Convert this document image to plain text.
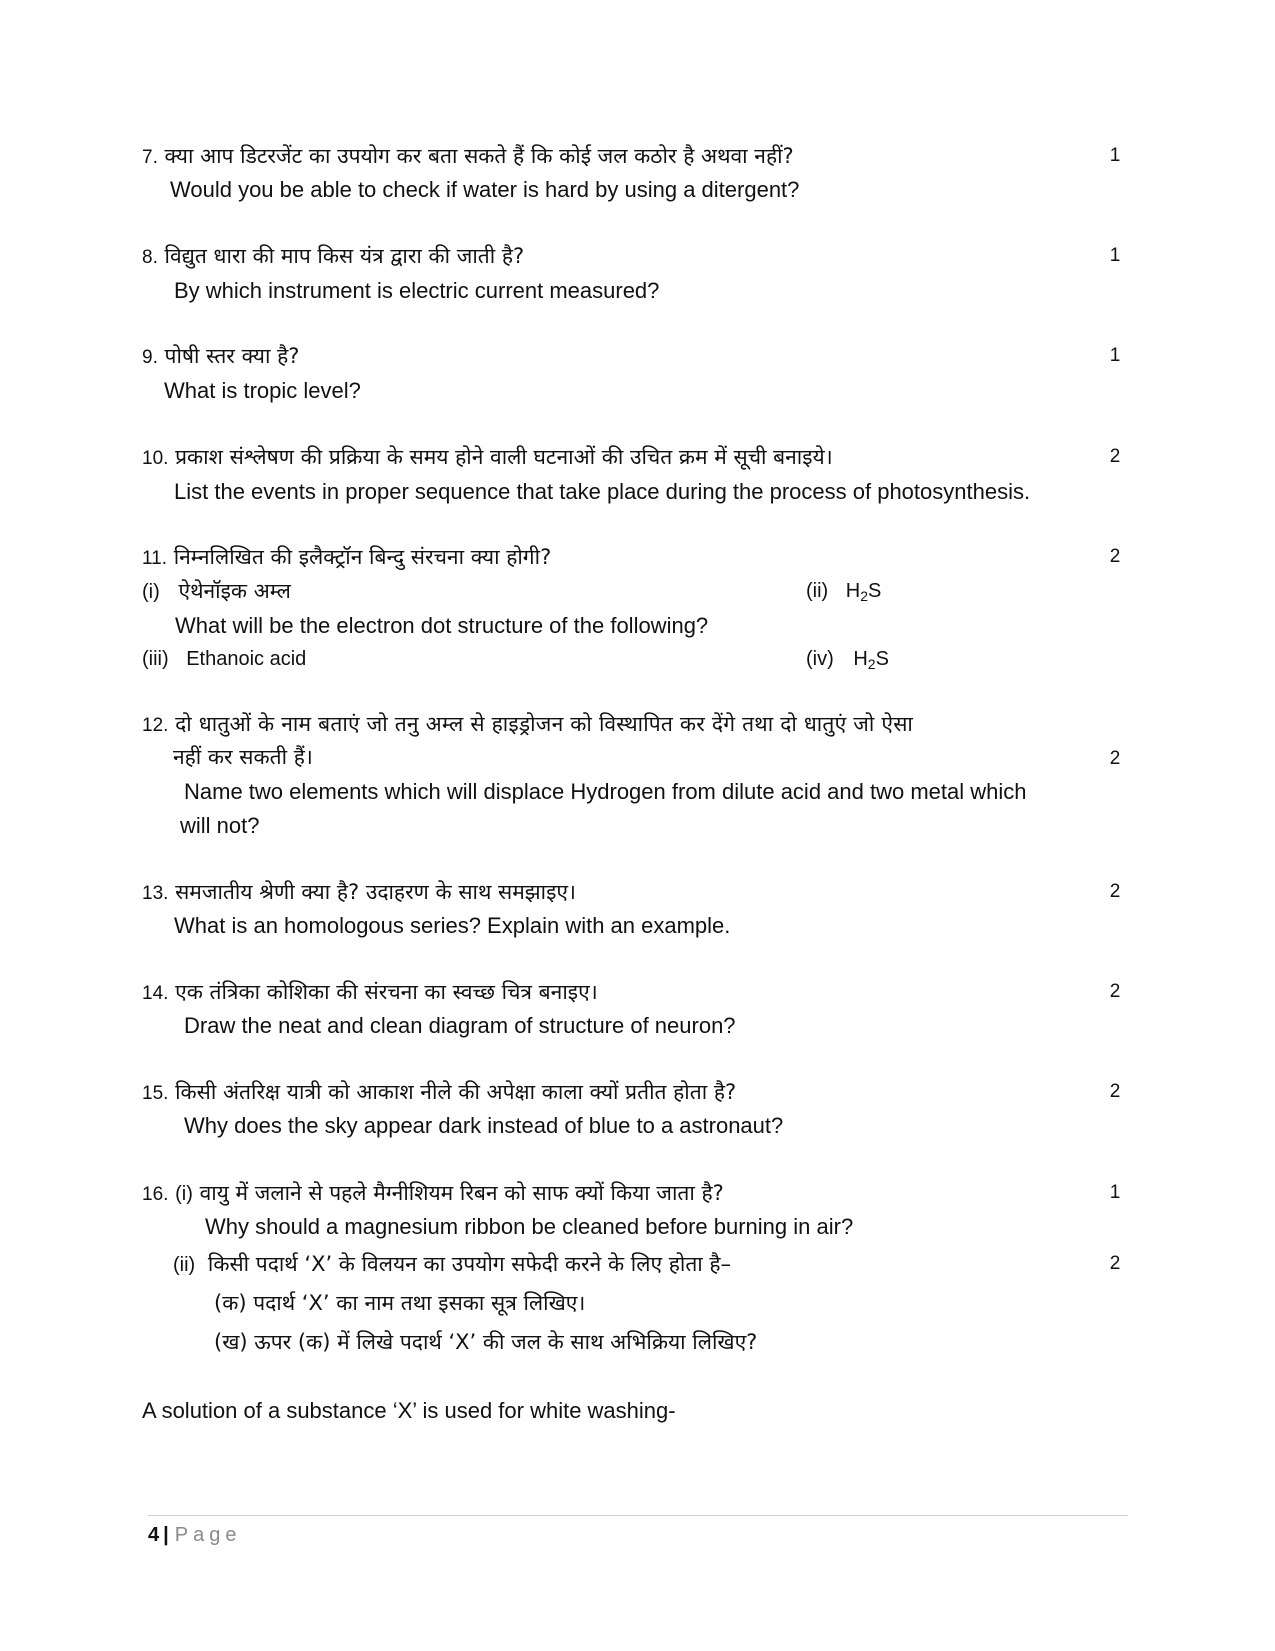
7. क्या आप डिटरजेंट का उपयोग कर बता सकते हैं कि कोई जल कठोर है अथवा नहीं?	1
Would you be able to check if water is hard by using a ditergent?
8. विद्युत धारा की माप किस यंत्र द्वारा की जाती है?	1
By which instrument is electric current measured?
9. पोषी स्तर क्या है?	1
What is tropic level?
10. प्रकाश संश्लेषण की प्रक्रिया के समय होने वाली घटनाओं की उचित क्रम में सूची बनाइये।	2
List the events in proper sequence that take place during the process of photosynthesis.
11. निम्नलिखित की इलैक्ट्रॉन बिन्दु संरचना क्या होगी?	2
(i) ऐथेनॉइक अम्ल	(ii) $H_2S$
What will be the electron dot structure of the following?
(iii) Ethanoic acid	(iv) $H_2S$
12. दो धातुओं के नाम बताएं जो तनु अम्ल से हाइड्रोजन को विस्थापित कर देंगे तथा दो धातुएं जो ऐसा
नहीं कर सकती हैं।	2
Name two elements which will displace Hydrogen from dilute acid and two metal which
will not?
13. समजातीय श्रेणी क्या है? उदाहरण के साथ समझाइए।	2
What is an homologous series? Explain with an example.
14. एक तंत्रिका कोशिका की संरचना का स्वच्छ चित्र बनाइए।	2
Draw the neat and clean diagram of structure of neuron?
15. किसी अंतरिक्ष यात्री को आकाश नीले की अपेक्षा काला क्यों प्रतीत होता है?	2
Why does the sky appear dark instead of blue to a astronaut?
16. (i) वायु में जलाने से पहले मैग्नीशियम रिबन को साफ क्यों किया जाता है?	1
Why should a magnesium ribbon be cleaned before burning in air?
(ii) किसी पदार्थ ‘X’ के विलयन का उपयोग सफेदी करने के लिए होता है–	2
(क) पदार्थ ‘X’ का नाम तथा इसका सूत्र लिखिए।
(ख) ऊपर (क) में लिखे पदार्थ ‘X’ की जल के साथ अभिक्रिया लिखिए?
A solution of a substance ‘X’ is used for white washing-
4 | Page
